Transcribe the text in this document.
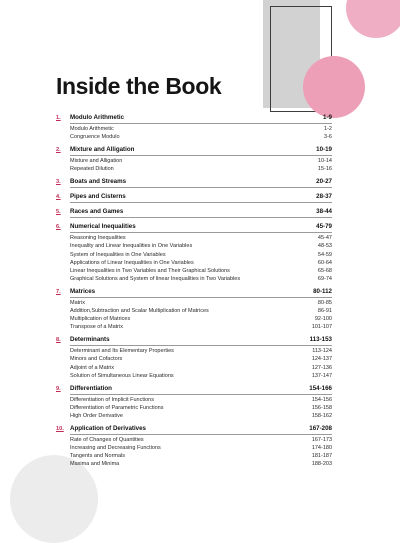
Inside the Book
1.	Modulo Arithmetic	1-9
Modulo Arithmetic	1-2
Congruence Modulo	3-6
2.	Mixture and Alligation	10-19
Mixture and Alligation	10-14
Repeated Dilution	15-16
3.	Boats and Streams	20-27
4.	Pipes and Cisterns	28-37
5.	Races and Games	38-44
6.	Numerical Inequalities	45-79
Reasoning Inequalities	45-47
Inequality and Linear Inequalities in One Variables	48-53
System of Inequalities in One Variables	54-59
Applications of Linear Inequalities in One Variables	60-64
Linear Inequalities in Two Variables and Their Graphical Solutions	65-68
Graphical Solutions and System of linear Inequalities in Two Variables	69-74
7.	Matrices	80-112
Matrix	80-85
Addition,Subtraction and Scalar Multiplication of Matrices	86-91
Multiplication of Matrices	92-100
Transpose of a Matrix	101-107
8.	Determinants	113-153
Determinant and Its Elementary Properties	113-124
Minors and Cofactors	124-137
Adjoint of a Matrix	127-136
Solution of Simultaneous Linear Equations	137-147
9.	Differentiation	154-166
Differentiation of Implicit Functions	154-156
Differentiation of Parametric Functions	156-158
High Order Derivative	158-162
10.	Application of Derivatives	167-208
Rate of Changes of Quantities	167-173
Increasing and Decreasing Functions	174-180
Tangents and Normals	181-187
Maxima and Minima	188-203
